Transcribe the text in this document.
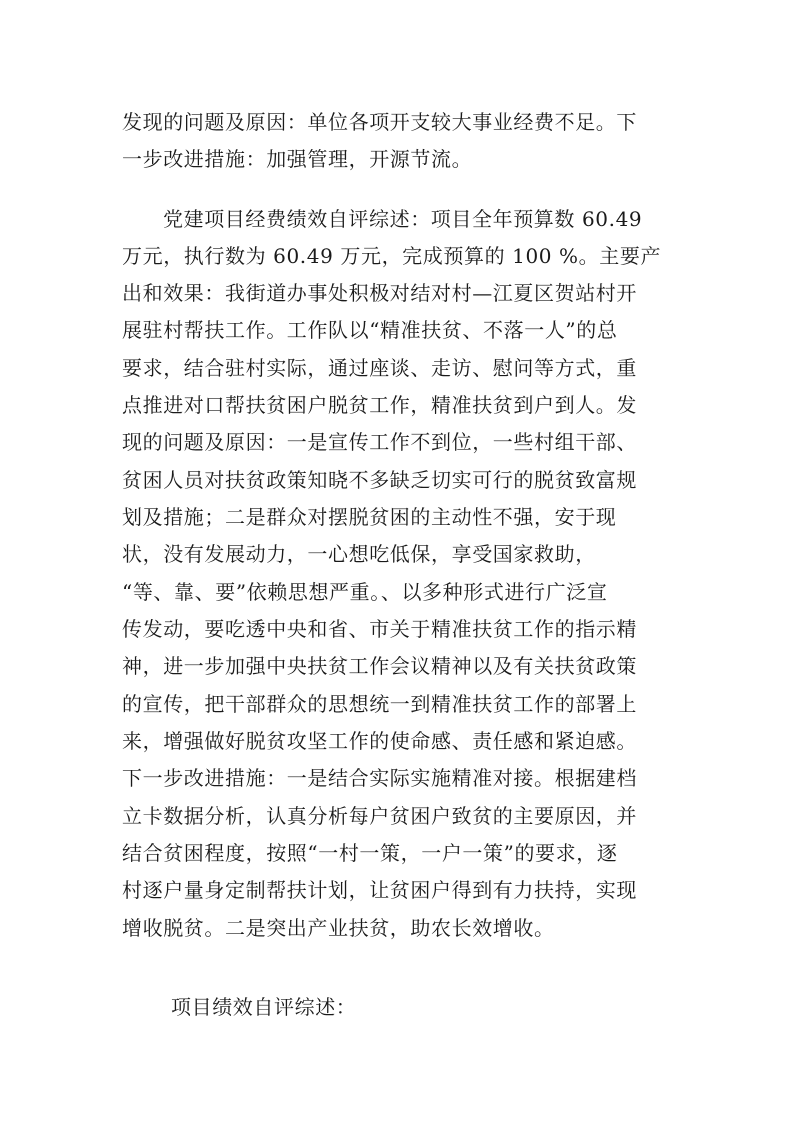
发现的问题及原因：单位各项开支较大事业经费不足。下
一步改进措施：加强管理，开源节流。
党建项目经费绩效自评综述：项目全年预算数 60.49
万元，执行数为 60.49 万元，完成预算的 100 %。主要产
出和效果：我街道办事处积极对结对村—江夏区贺站村开
展驻村帮扶工作。工作队以“精准扶贫、不落一人”的总
要求，结合驻村实际，通过座谈、走访、慰问等方式，重
点推进对口帮扶贫困户脱贫工作，精准扶贫到户到人。发
现的问题及原因：一是宣传工作不到位，一些村组干部、
贫困人员对扶贫政策知晓不多缺乏切实可行的脱贫致富规
划及措施；二是群众对摆脱贫困的主动性不强，安于现
状，没有发展动力，一心想吃低保，享受国家救助，
“等、靠、要”依赖思想严重。、以多种形式进行广泛宣
传发动，要吃透中央和省、市关于精准扶贫工作的指示精
神，进一步加强中央扶贫工作会议精神以及有关扶贫政策
的宣传，把干部群众的思想统一到精准扶贫工作的部署上
来，增强做好脱贫攻坚工作的使命感、责任感和紧迫感。
下一步改进措施：一是结合实际实施精准对接。根据建档
立卡数据分析，认真分析每户贫困户致贫的主要原因，并
结合贫困程度，按照“一村一策，一户一策”的要求，逐
村逐户量身定制帮扶计划，让贫困户得到有力扶持，实现
增收脱贫。二是突出产业扶贫，助农长效增收。
项目绩效自评综述：
